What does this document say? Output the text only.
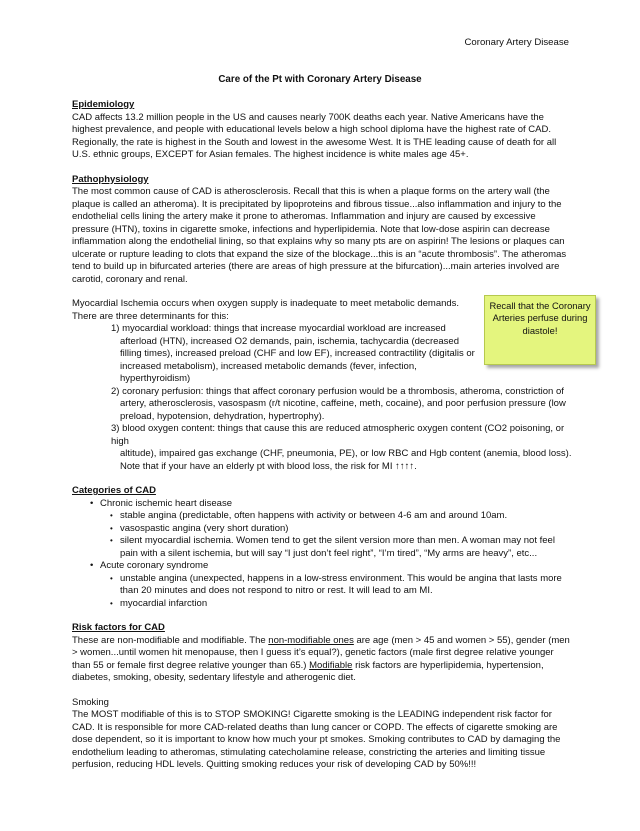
Coronary Artery Disease
Care of the Pt with Coronary Artery Disease

Epidemiology

CAD affects 13.2 million people in the US and causes nearly 700K deaths each year. Native Americans have the highest prevalence, and people with educational levels below a high school diploma have the highest rate of CAD. Regionally, the rate is highest in the South and lowest in the awesome West. It is THE leading cause of death for all U.S. ethnic groups, EXCEPT for Asian females. The highest incidence is white males age 45+.

Pathophysiology

The most common cause of CAD is atherosclerosis. Recall that this is when a plaque forms on the artery wall (the plaque is called an atheroma). It is precipitated by lipoproteins and fibrous tissue...also inflammation and injury to the endothelial cells lining the artery make it prone to atheromas. Inflammation and injury are caused by excessive pressure (HTN), toxins in cigarette smoke, infections and hyperlipidemia. Note that low-dose aspirin can decrease inflammation along the endothelial lining, so that explains why so many pts are on aspirin! The lesions or plaques can ulcerate or rupture leading to clots that expand the size of the blockage...this is an “acute thrombosis”. The atheromas tend to build up in bifurcated arteries (there are areas of high pressure at the bifurcation)...main arteries involved are carotid, coronary and renal.

Myocardial Ischemia occurs when oxygen supply is inadequate to meet metabolic demands.

There are three determinants for this:

1) myocardial workload: things that increase myocardial workload are increased
afterload (HTN), increased O2 demands, pain, ischemia, tachycardia (decreased filling times), increased preload (CHF and low EF), increased contractility (digitalis or increased metabolism), increased metabolic demands (fever, infection, hyperthyroidism)
2) coronary perfusion: things that affect coronary perfusion would be a thrombosis, atheroma, constriction of
artery, atherosclerosis, vasospasm (r/t nicotine, caffeine, meth, cocaine), and poor perfusion pressure (low preload, hypotension, dehydration, hypertrophy).
3) blood oxygen content: things that cause this are reduced atmospheric oxygen content (CO2 poisoning, or high
altitude), impaired gas exchange (CHF, pneumonia, PE), or low RBC and Hgb content (anemia, blood loss). Note that if your have an elderly pt with blood loss, the risk for MI ↑↑↑↑.

Categories of CAD

• Chronic ischemic heart disease
• stable angina (predictable, often happens with activity or between 4-6 am and around 10am.
• vasospastic angina (very short duration)
• silent myocardial ischemia. Women tend to get the silent version more than men. A woman may not feel pain with a silent ischemia, but will say “I just don’t feel right”, “I’m tired”, “My arms are heavy”, etc...
• Acute coronary syndrome
• unstable angina (unexpected, happens in a low-stress environment. This would be angina that lasts more than 20 minutes and does not respond to nitro or rest. It will lead to am MI.
• myocardial infarction

Risk factors for CAD

These are non-modifiable and modifiable. The non-modifiable ones are age (men > 45 and women > 55), gender (men > women...until women hit menopause, then I guess it’s equal?), genetic factors (male first degree relative younger than 55 or female first degree relative younger than 65.) Modifiable risk factors are hyperlipidemia, hypertension, diabetes, smoking, obesity, sedentary lifestyle and atherogenic diet.

Smoking

The MOST modifiable of this is to STOP SMOKING! Cigarette smoking is the LEADING independent risk factor for CAD. It is responsible for more CAD-related deaths than lung cancer or COPD. The effects of cigarette smoking are dose dependent, so it is important to know how much your pt smokes. Smoking contributes to CAD by damaging the endothelium leading to atheromas, stimulating catecholamine release, constricting the arteries and limiting tissue perfusion, reducing HDL levels. Quitting smoking reduces your risk of developing CAD by 50%!!!

Recall that the Coronary Arteries perfuse during diastole!
